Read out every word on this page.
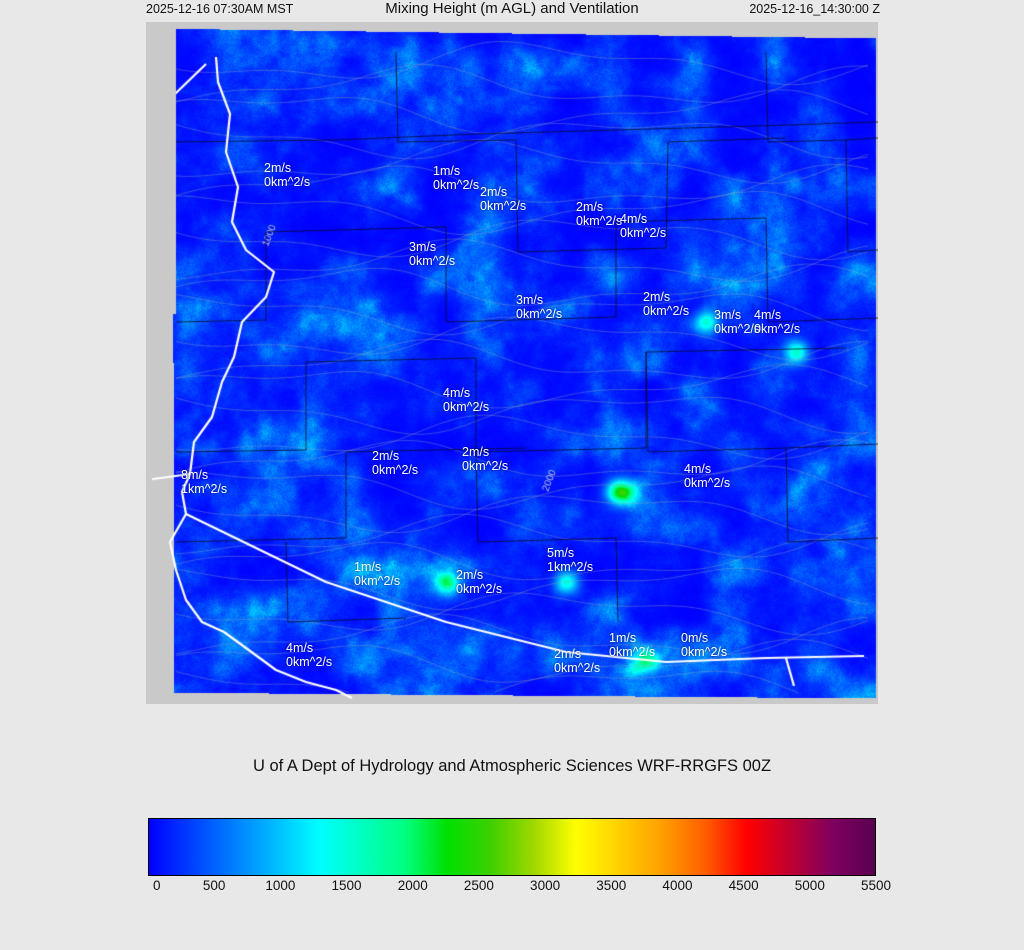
Mixing Height (m AGL) and Ventilation
2025-12-16 07:30AM MST	2025-12-16_14:30:00 Z
2m/s
0km^2/s
1m/s
0km^2/s 2m/s
0km^2/s	2m/s
0km^2/s
4m/s
0km^2/s
3m/s
0km^2/s
3m/s
0km^2/s
2m/s
0km^2/s 3m/s
0km^2/s
4m/s
0km^2/s
4m/s
0km^2/s
2m/s
0km^2/s
2m/s
0km^2/s	4m/s
0km^2/s
8m/s
1km^2/s
1m/s
0km^2/s	2m/s
0km^2/s
5m/s
1km^2/s
1m/s
0km^2/s
2m/s
0km^2/s
0m/s
0km^2/s
4m/s
0km^2/s
U of A Dept of Hydrology and Atmospheric Sciences WRF-RRGFS 00Z
0	500	1000	1500	2000	2500	3000	3500	4000	4500	5000	5500
